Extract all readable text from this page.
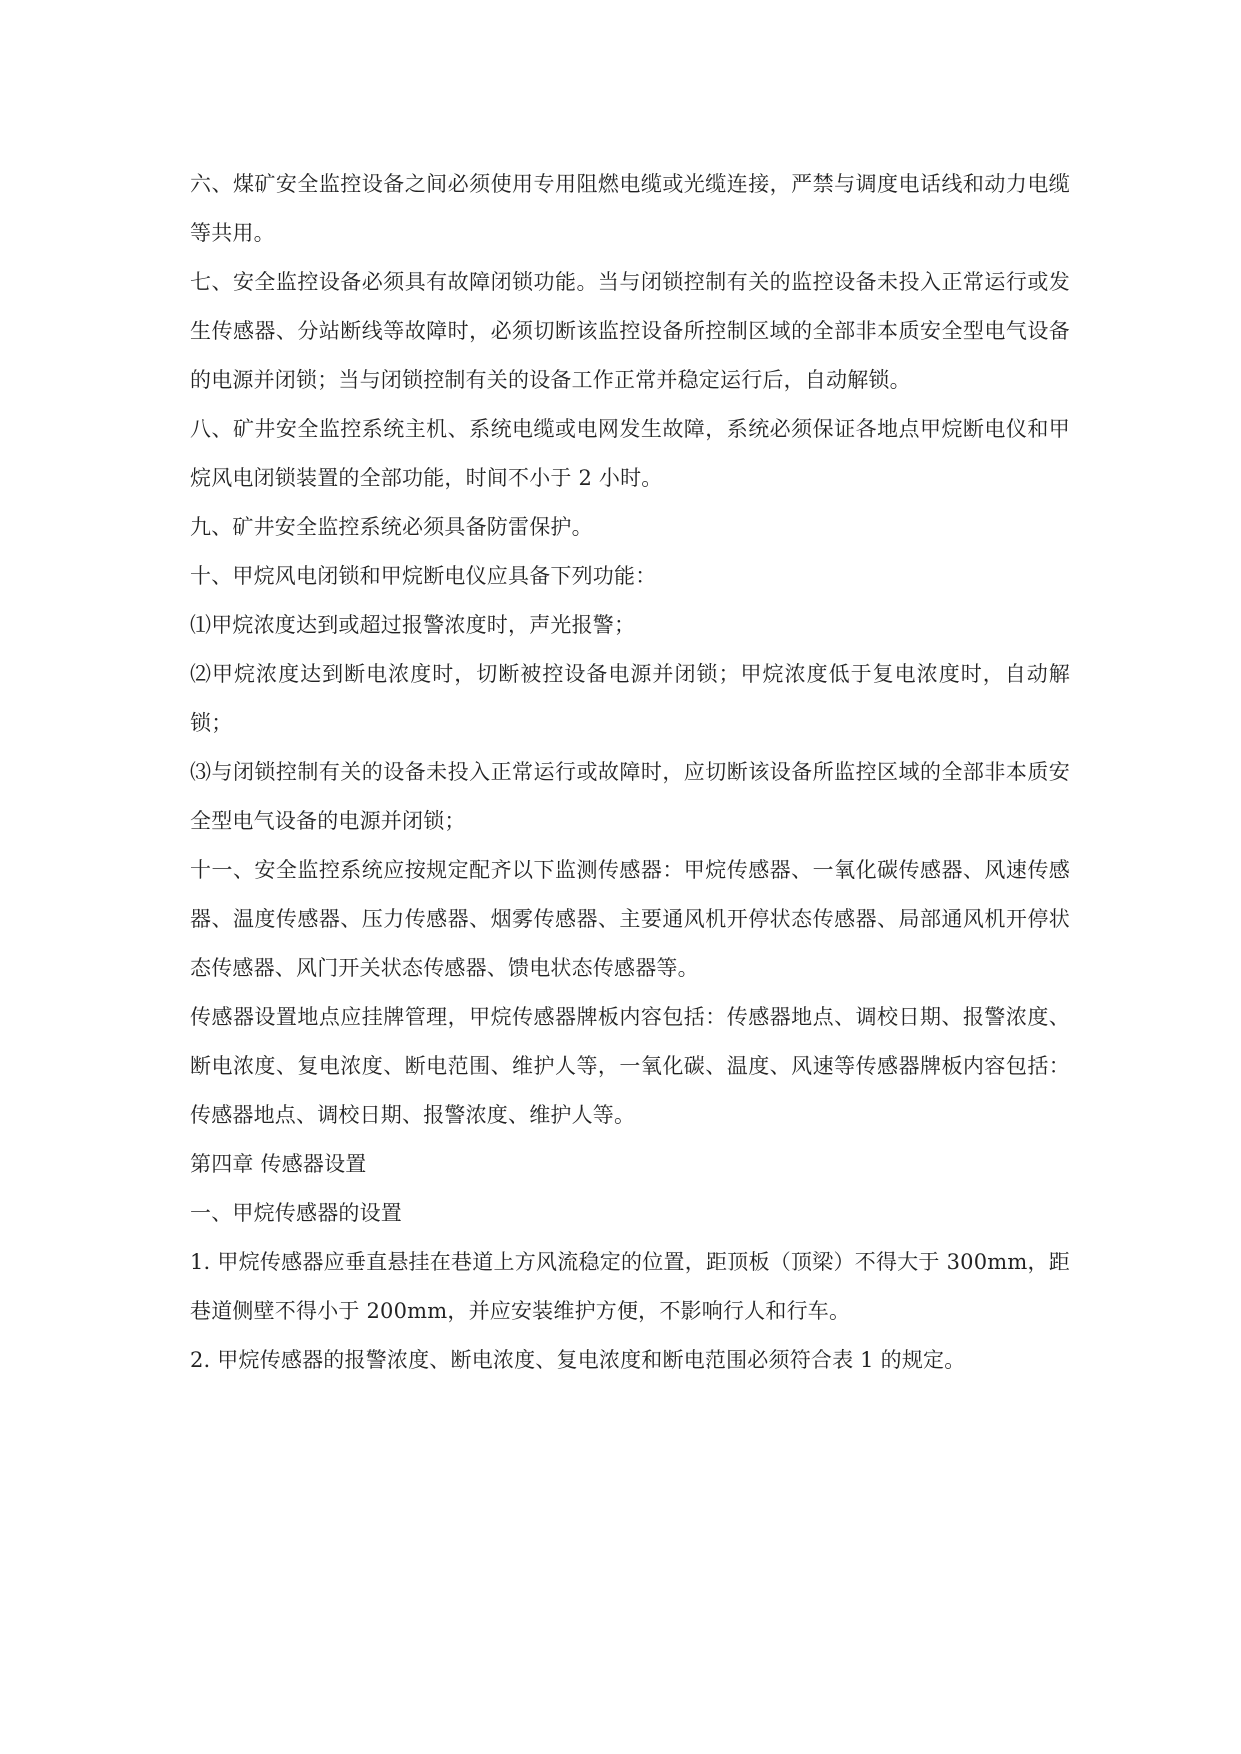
六、煤矿安全监控设备之间必须使用专用阻燃电缆或光缆连接，严禁与调度电话线和动力电缆等共用。

七、安全监控设备必须具有故障闭锁功能。当与闭锁控制有关的监控设备未投入正常运行或发生传感器、分站断线等故障时，必须切断该监控设备所控制区域的全部非本质安全型电气设备的电源并闭锁；当与闭锁控制有关的设备工作正常并稳定运行后，自动解锁。

八、矿井安全监控系统主机、系统电缆或电网发生故障，系统必须保证各地点甲烷断电仪和甲烷风电闭锁装置的全部功能，时间不小于 2 小时。

九、矿井安全监控系统必须具备防雷保护。

十、甲烷风电闭锁和甲烷断电仪应具备下列功能：

⑴甲烷浓度达到或超过报警浓度时，声光报警；

⑵甲烷浓度达到断电浓度时，切断被控设备电源并闭锁；甲烷浓度低于复电浓度时，自动解锁；

⑶与闭锁控制有关的设备未投入正常运行或故障时，应切断该设备所监控区域的全部非本质安全型电气设备的电源并闭锁；

十一、安全监控系统应按规定配齐以下监测传感器：甲烷传感器、一氧化碳传感器、风速传感器、温度传感器、压力传感器、烟雾传感器、主要通风机开停状态传感器、局部通风机开停状态传感器、风门开关状态传感器、馈电状态传感器等。

传感器设置地点应挂牌管理，甲烷传感器牌板内容包括：传感器地点、调校日期、报警浓度、断电浓度、复电浓度、断电范围、维护人等，一氧化碳、温度、风速等传感器牌板内容包括：传感器地点、调校日期、报警浓度、维护人等。

第四章 传感器设置

一、甲烷传感器的设置

1. 甲烷传感器应垂直悬挂在巷道上方风流稳定的位置，距顶板（顶梁）不得大于 300mm，距巷道侧壁不得小于 200mm，并应安装维护方便，不影响行人和行车。

2. 甲烷传感器的报警浓度、断电浓度、复电浓度和断电范围必须符合表 1 的规定。
